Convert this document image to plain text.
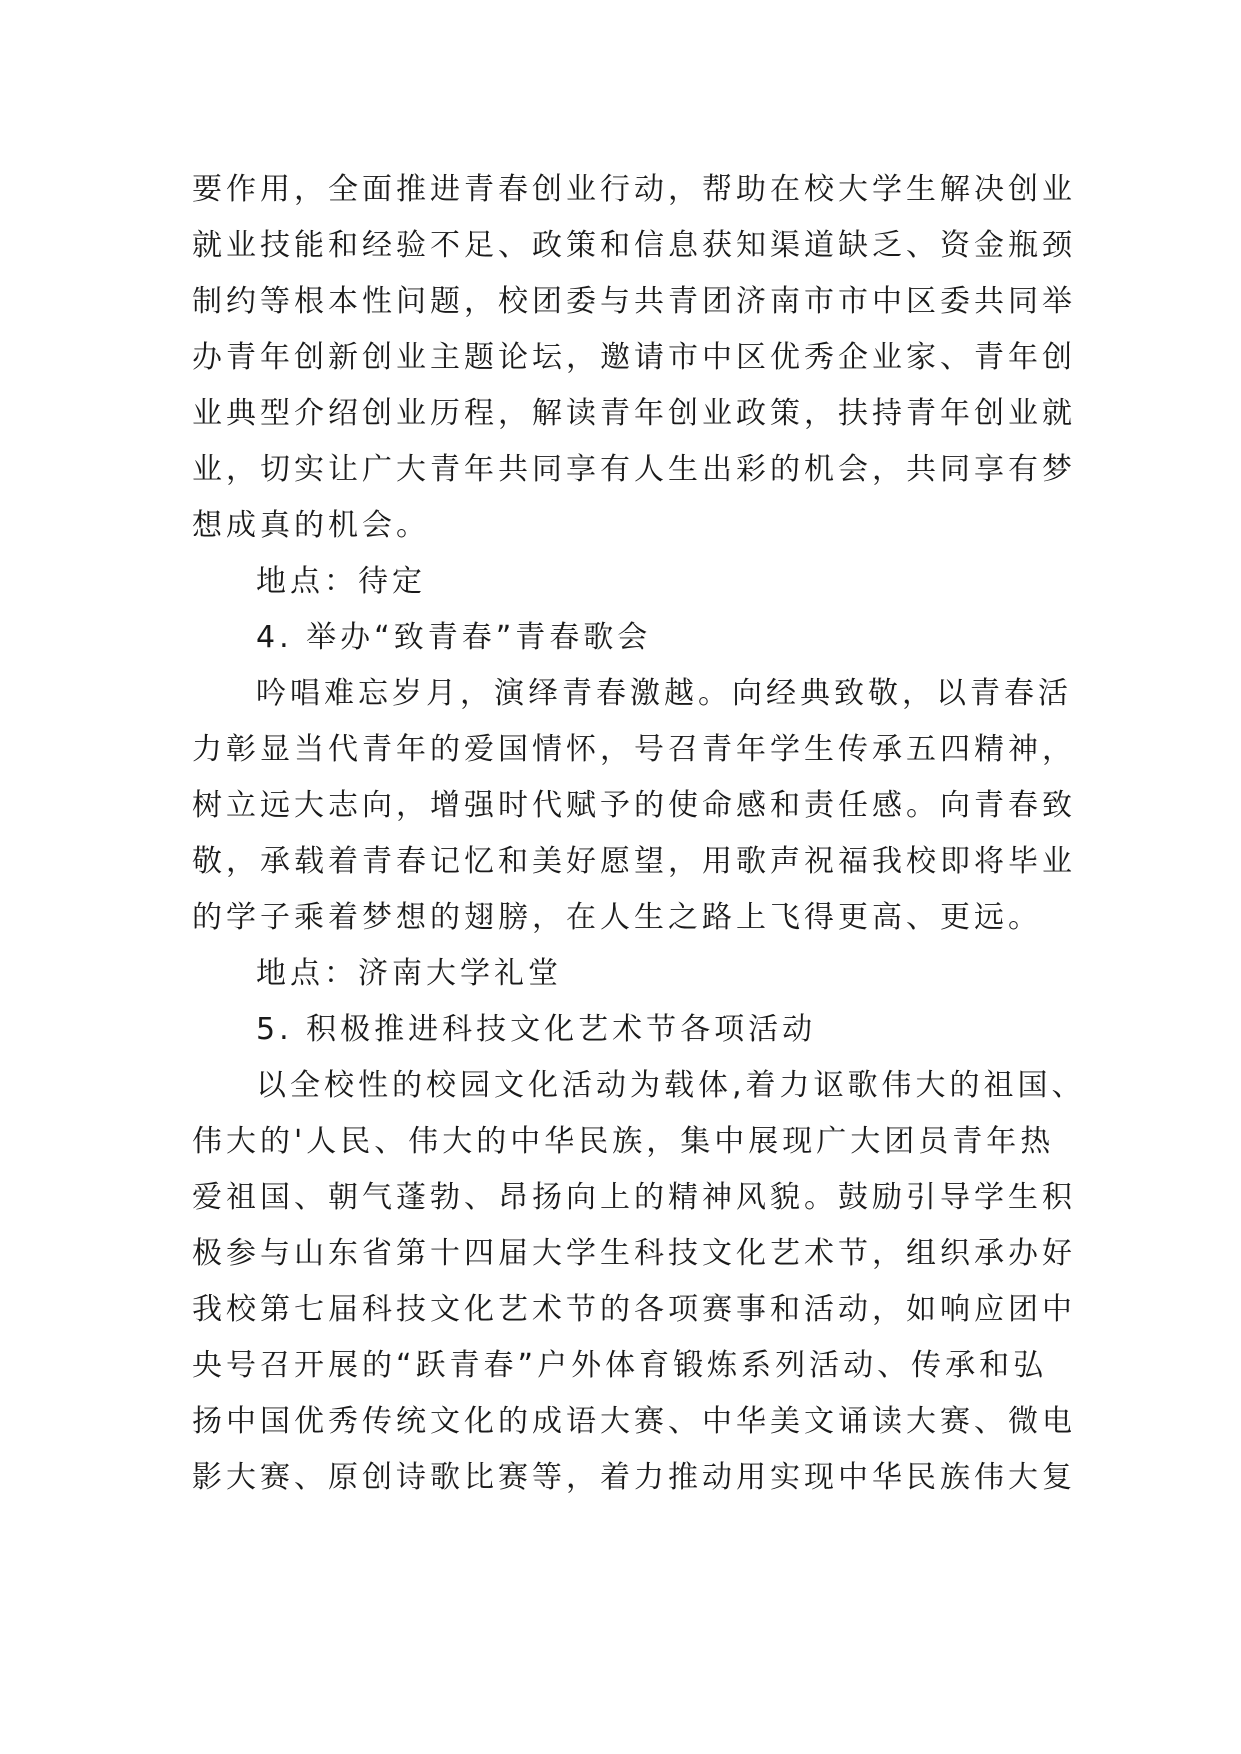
要作用，全面推进青春创业行动，帮助在校大学生解决创业
就业技能和经验不足、政策和信息获知渠道缺乏、资金瓶颈
制约等根本性问题，校团委与共青团济南市市中区委共同举
办青年创新创业主题论坛，邀请市中区优秀企业家、青年创
业典型介绍创业历程，解读青年创业政策，扶持青年创业就
业，切实让广大青年共同享有人生出彩的机会，共同享有梦
想成真的机会。
地点：待定
4. 举办“致青春”青春歌会
吟唱难忘岁月，演绎青春激越。向经典致敬，以青春活
力彰显当代青年的爱国情怀，号召青年学生传承五四精神，
树立远大志向，增强时代赋予的使命感和责任感。向青春致
敬，承载着青春记忆和美好愿望，用歌声祝福我校即将毕业
的学子乘着梦想的翅膀，在人生之路上飞得更高、更远。
地点：济南大学礼堂
5. 积极推进科技文化艺术节各项活动
以全校性的校园文化活动为载体,着力讴歌伟大的祖国、
伟大的'人民、伟大的中华民族，集中展现广大团员青年热
爱祖国、朝气蓬勃、昂扬向上的精神风貌。鼓励引导学生积
极参与山东省第十四届大学生科技文化艺术节，组织承办好
我校第七届科技文化艺术节的各项赛事和活动，如响应团中
央号召开展的“跃青春”户外体育锻炼系列活动、传承和弘
扬中国优秀传统文化的成语大赛、中华美文诵读大赛、微电
影大赛、原创诗歌比赛等，着力推动用实现中华民族伟大复
